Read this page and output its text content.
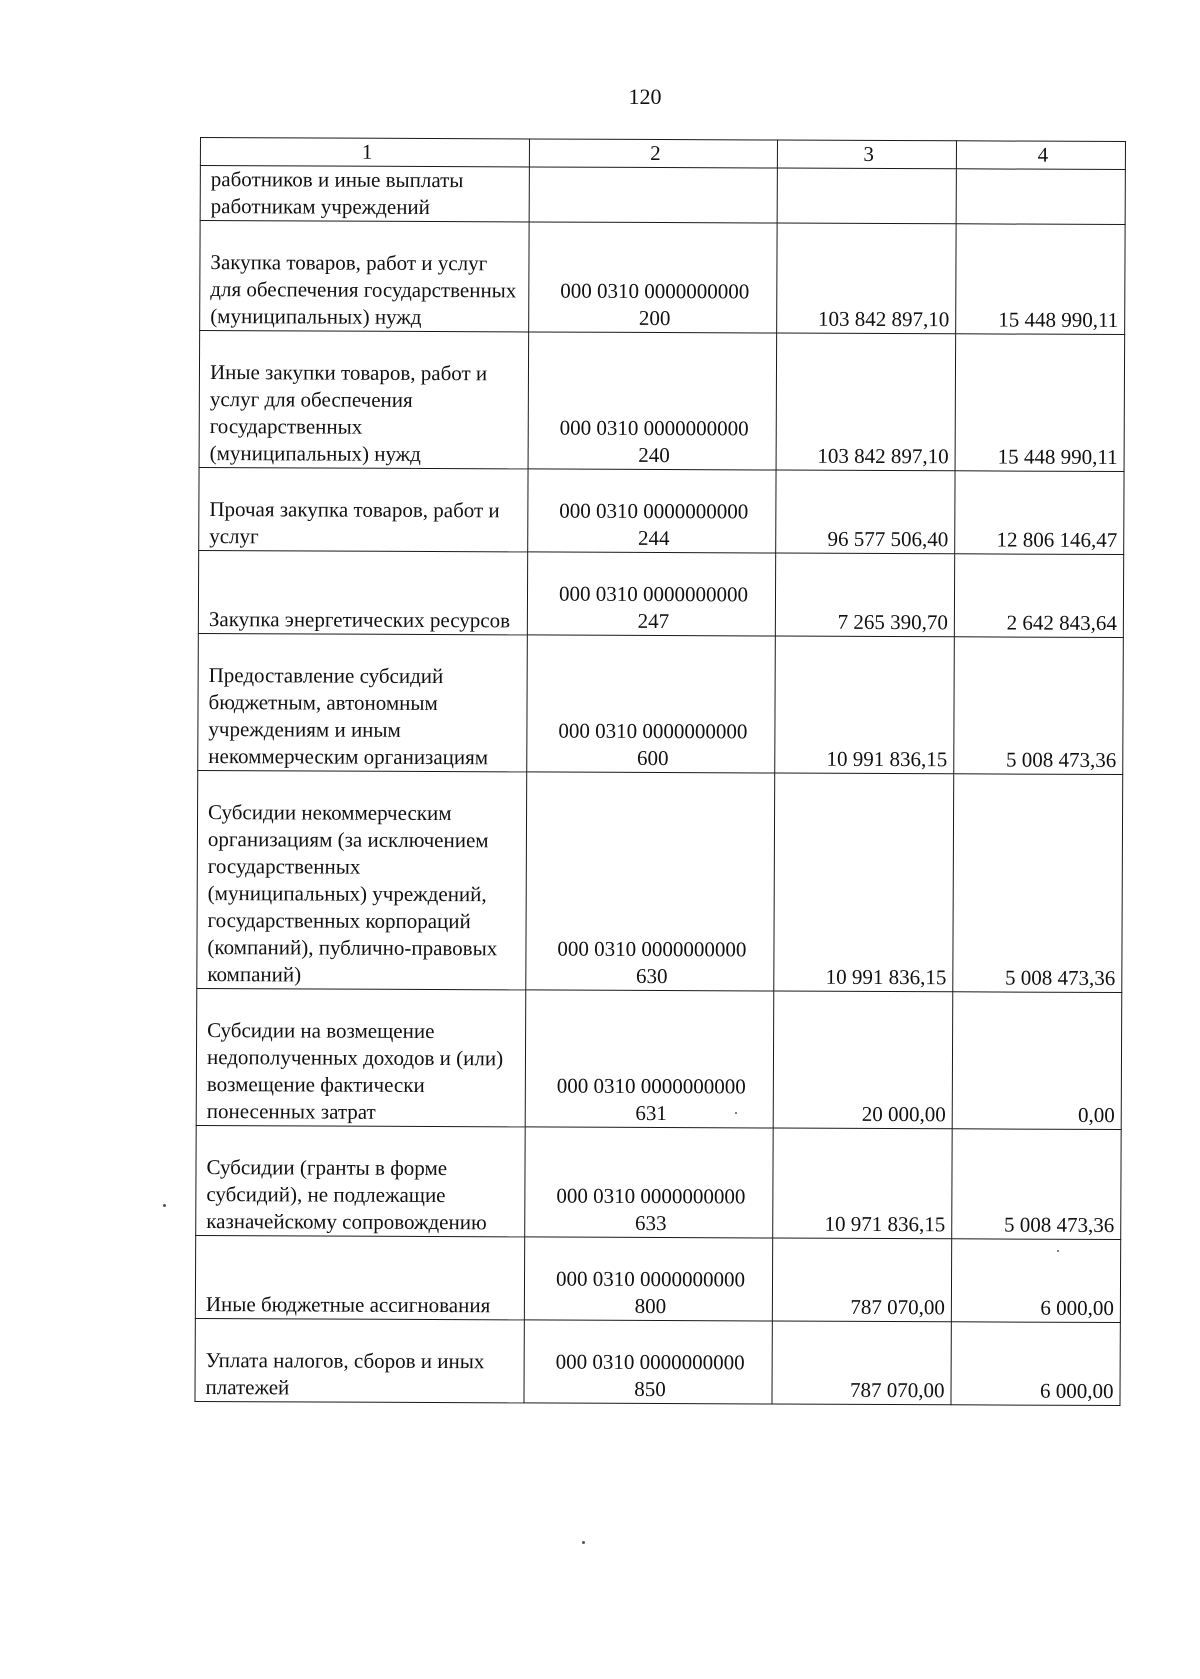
120
1	2	3	4
работников и иные выплаты работникам учреждений	

Закупка товаров, работ и услуг для обеспечения государственных (муниципальных) нужд	000 0310 0000000000
200	103 842 897,10	15 448 990,11
Иные закупки товаров, работ и услуг для обеспечения государственных (муниципальных) нужд	000 0310 0000000000
240	103 842 897,10	15 448 990,11
Прочая закупка товаров, работ и услуг	000 0310 0000000000
244	96 577 506,40	12 806 146,47
Закупка энергетических ресурсов	000 0310 0000000000
247	7 265 390,70	2 642 843,64
Предоставление субсидий бюджетным, автономным учреждениям и иным некоммерческим организациям	000 0310 0000000000
600	10 991 836,15	5 008 473,36
Субсидии некоммерческим организациям (за исключением государственных (муниципальных) учреждений, государственных корпораций (компаний), публично-правовых компаний)	000 0310 0000000000
630	10 991 836,15	5 008 473,36
Субсидии на возмещение недополученных доходов и (или) возмещение фактически понесенных затрат	000 0310 0000000000
631	20 000,00	0,00
Субсидии (гранты в форме субсидий), не подлежащие казначейскому сопровождению	000 0310 0000000000
633	10 971 836,15	5 008 473,36
Иные бюджетные ассигнования	000 0310 0000000000
800	787 070,00	6 000,00
Уплата налогов, сборов и иных платежей	000 0310 0000000000
850	787 070,00	6 000,00
